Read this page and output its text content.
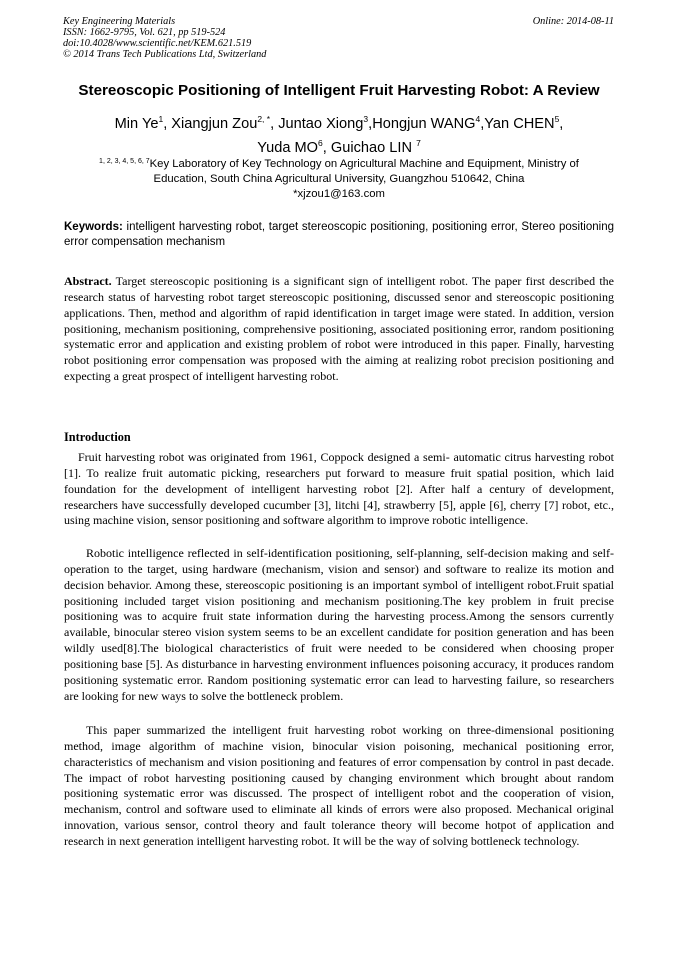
Key Engineering Materials
ISSN: 1662-9795, Vol. 621, pp 519-524
doi:10.4028/www.scientific.net/KEM.621.519
© 2014 Trans Tech Publications Ltd, Switzerland
Online: 2014-08-11
Stereoscopic Positioning of Intelligent Fruit Harvesting Robot: A Review
Min Ye$^1$, Xiangjun Zou$^{2, *}$, Juntao Xiong$^3$,Hongjun WANG$^4$,Yan CHEN$^5$,
Yuda $MO^6$, Guichao LIN $^7$
$^{1, 2, 3, 4, 5, 6, 7}$Key Laboratory of Key Technology on Agricultural Machine and Equipment, Ministry of
Education, South China Agricultural University, Guangzhou 510642, China
*xjzou1@163.com
Keywords: intelligent harvesting robot, target stereoscopic positioning, positioning error, Stereo positioning error compensation mechanism
Abstract. Target stereoscopic positioning is a significant sign of intelligent robot. The paper first described the research status of harvesting robot target stereoscopic positioning, discussed senor and stereoscopic positioning applications. Then, method and algorithm of rapid identification in target image were stated. In addition, version positioning, mechanism positioning, comprehensive positioning, associated positioning error, random positioning systematic error and application and existing problem of robot were introduced in this paper. Finally, harvesting robot positioning error compensation was proposed with the aiming at realizing robot precision positioning and expecting a great prospect of intelligent harvesting robot.
Introduction
Fruit harvesting robot was originated from 1961, Coppock designed a semi- automatic citrus harvesting robot [1]. To realize fruit automatic picking, researchers put forward to measure fruit spatial position, which laid foundation for the development of intelligent harvesting robot [2]. After half a century of development, researchers have successfully developed cucumber [3], litchi [4], strawberry [5], apple [6], cherry [7] robot, etc., using machine vision, sensor positioning and software algorithm to improve robotic intelligence.
Robotic intelligence reflected in self-identification positioning, self-planning, self-decision making and self-operation to the target, using hardware (mechanism, vision and sensor) and software to realize its motion and decision behavior. Among these, stereoscopic positioning is an important symbol of intelligent robot.Fruit spatial positioning included target vision positioning and mechanism positioning.The key problem in fruit precise positioning was to acquire fruit state information during the harvesting process.Among the sensors currently available, binocular stereo vision system seems to be an excellent candidate for position generation and has been wildly used[8].The biological characteristics of fruit were needed to be considered when choosing proper positioning base [5]. As disturbance in harvesting environment influences poisoning accuracy, it produces random positioning systematic error. Random positioning systematic error can lead to harvesting failure, so researchers are looking for new ways to solve the bottleneck problem.
This paper summarized the intelligent fruit harvesting robot working on three-dimensional positioning method, image algorithm of machine vision, binocular vision poisoning, mechanical positioning error, characteristics of mechanism and vision positioning and features of error compensation by control in past decade. The impact of robot harvesting positioning caused by changing environment which brought about random positioning systematic error was discussed. The prospect of intelligent robot and the cooperation of vision, mechanism, control and software used to eliminate all kinds of errors were also proposed. Mechanical original innovation, various sensor, control theory and fault tolerance theory will become hotpot of application and research in next generation intelligent harvesting robot. It will be the way of solving bottleneck technology.
